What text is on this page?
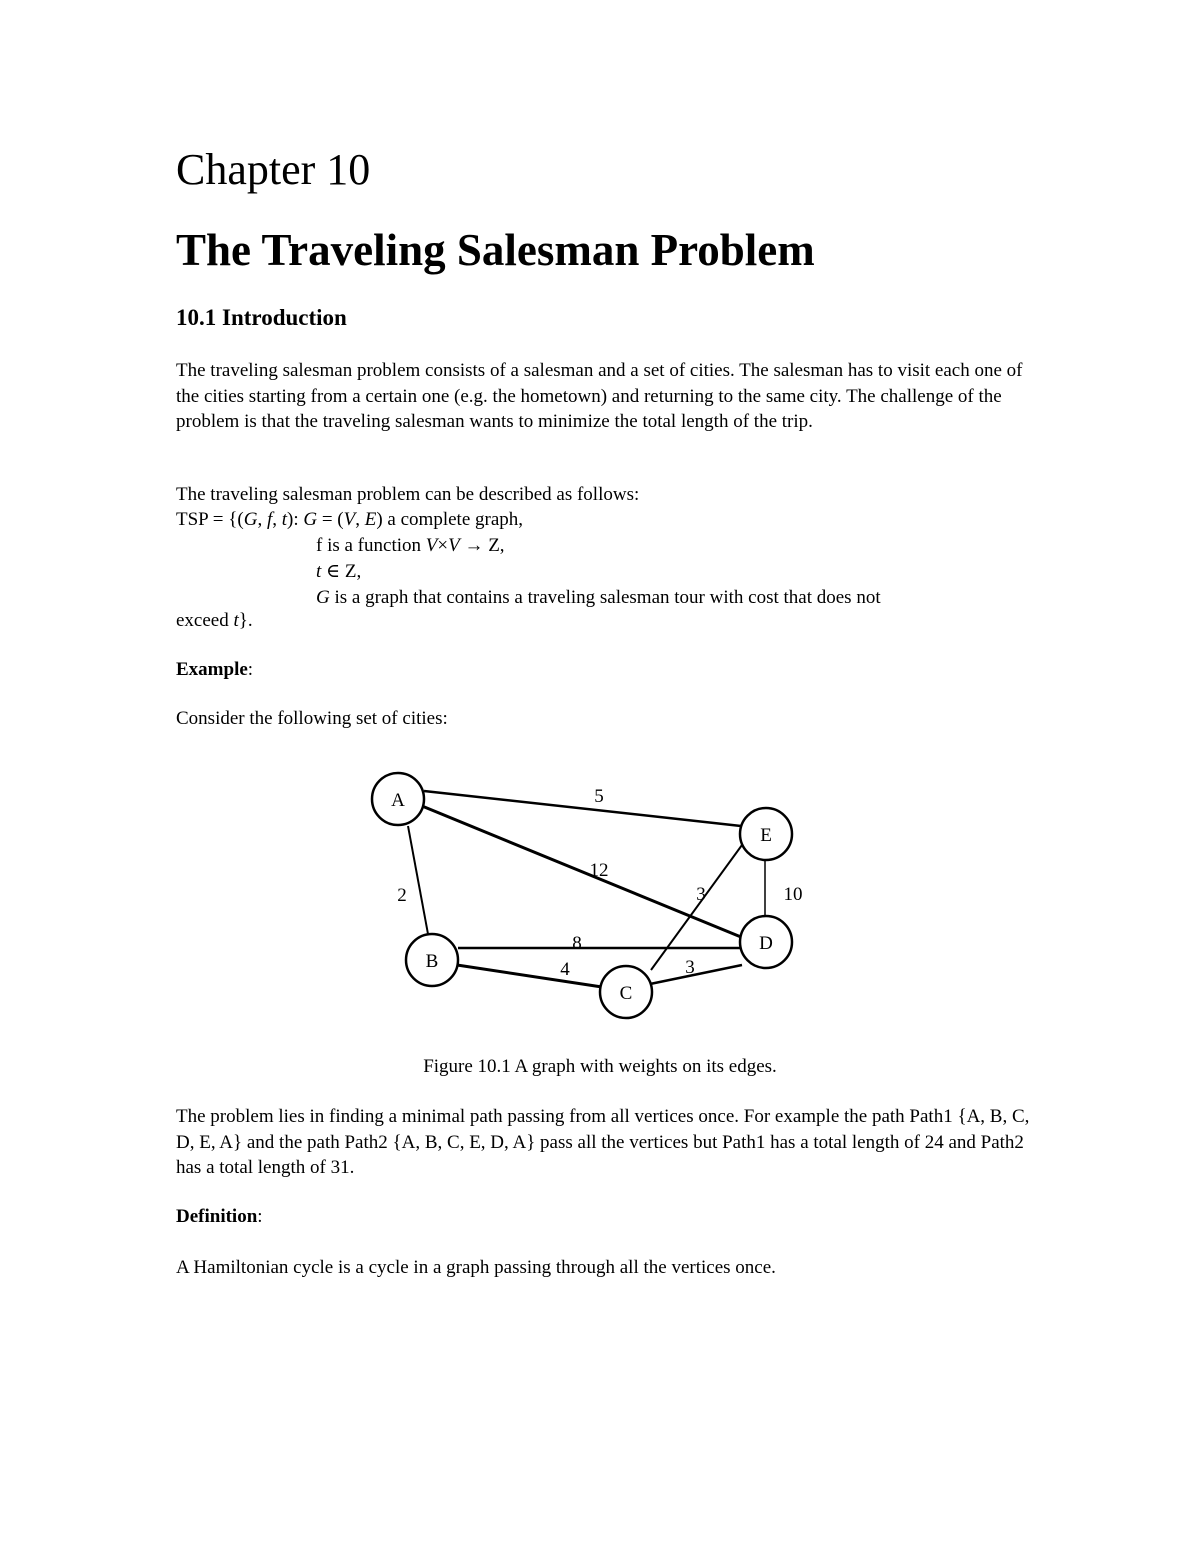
Chapter 10
The Traveling Salesman Problem
10.1 Introduction

The traveling salesman problem consists of a salesman and a set of cities. The salesman has to visit each one of the cities starting from a certain one (e.g. the hometown) and returning to the same city. The challenge of the problem is that the traveling salesman wants to minimize the total length of the trip.

The traveling salesman problem can be described as follows:

TSP = {(G, f, t): G = (V, E) a complete graph,
f is a function V×V → Z,
t ∈ Z,
G is a graph that contains a traveling salesman tour with cost that does not
exceed t}.
Example:
Consider the following set of cities:
A
E
D
B
C
5
12
2	3	10
8
4	3
Figure 10.1 A graph with weights on its edges.

The problem lies in finding a minimal path passing from all vertices once. For example the path Path1 {A, B, C, D, E, A} and the path Path2 {A, B, C, E, D, A} pass all the vertices but Path1 has a total length of 24 and Path2 has a total length of 31.

Definition:

A Hamiltonian cycle is a cycle in a graph passing through all the vertices once.
